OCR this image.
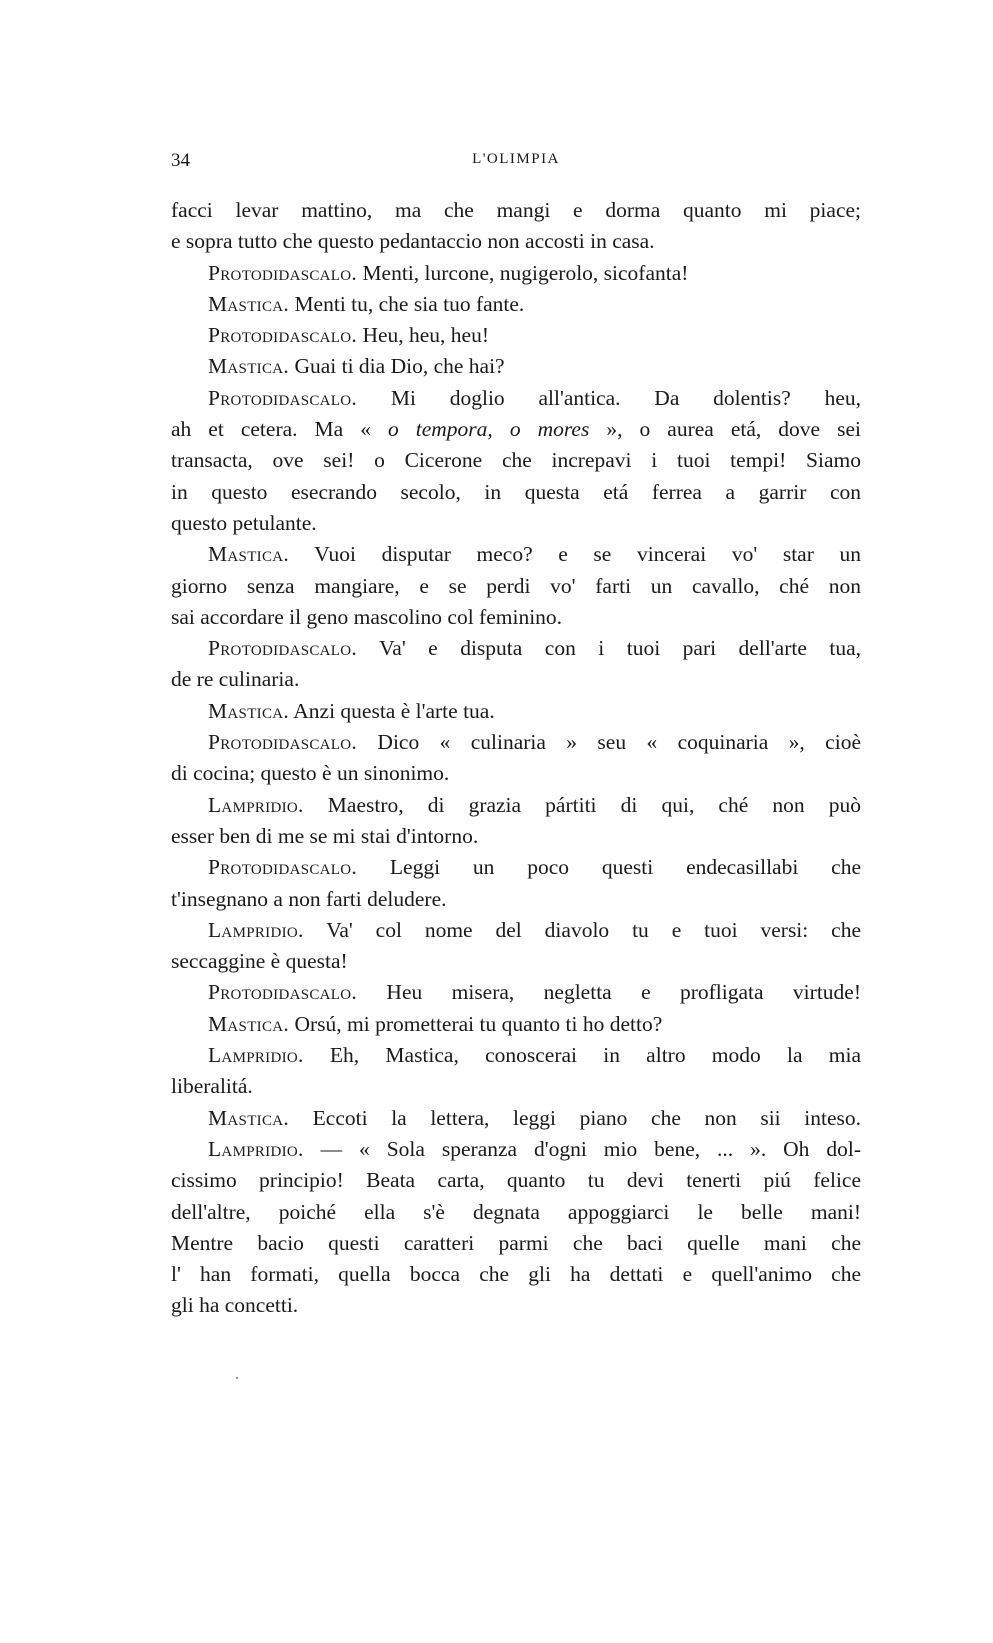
34	L'OLIMPIA
facci levar mattino, ma che mangi e dorma quanto mi piace;
e sopra tutto che questo pedantaccio non accosti in casa.
Protodidascalo. Menti, lurcone, nugigerolo, sicofanta!
Mastica. Menti tu, che sia tuo fante.
Protodidascalo. Heu, heu, heu!
Mastica. Guai ti dia Dio, che hai?
Protodidascalo. Mi doglio all'antica. Da dolentis? heu,
ah et cetera. Ma « o tempora, o mores », o aurea etá, dove sei
transacta, ove sei! o Cicerone che increpavi i tuoi tempi! Siamo
in questo esecrando secolo, in questa etá ferrea a garrir con
questo petulante.
Mastica. Vuoi disputar meco? e se vincerai vo' star un
giorno senza mangiare, e se perdi vo' farti un cavallo, ché non
sai accordare il geno mascolino col feminino.
Protodidascalo. Va' e disputa con i tuoi pari dell'arte tua,
de re culinaria.
Mastica. Anzi questa è l'arte tua.
Protodidascalo. Dico « culinaria » seu « coquinaria », cioè
di cocina; questo è un sinonimo.
Lampridio. Maestro, di grazia pártiti di qui, ché non può
esser ben di me se mi stai d'intorno.
Protodidascalo. Leggi un poco questi endecasillabi che
t'insegnano a non farti deludere.
Lampridio. Va' col nome del diavolo tu e tuoi versi: che
seccaggine è questa!
Protodidascalo. Heu misera, negletta e profligata virtude!
Mastica. Orsú, mi prometterai tu quanto ti ho detto?
Lampridio. Eh, Mastica, conoscerai in altro modo la mia
liberalitá.
Mastica. Eccoti la lettera, leggi piano che non sii inteso.
Lampridio. — « Sola speranza d'ogni mio bene, ... ». Oh dol-
cissimo principio! Beata carta, quanto tu devi tenerti piú felice
dell'altre, poiché ella s'è degnata appoggiarci le belle mani!
Mentre bacio questi caratteri parmi che baci quelle mani che
l' han formati, quella bocca che gli ha dettati e quell'animo che
gli ha concetti.
